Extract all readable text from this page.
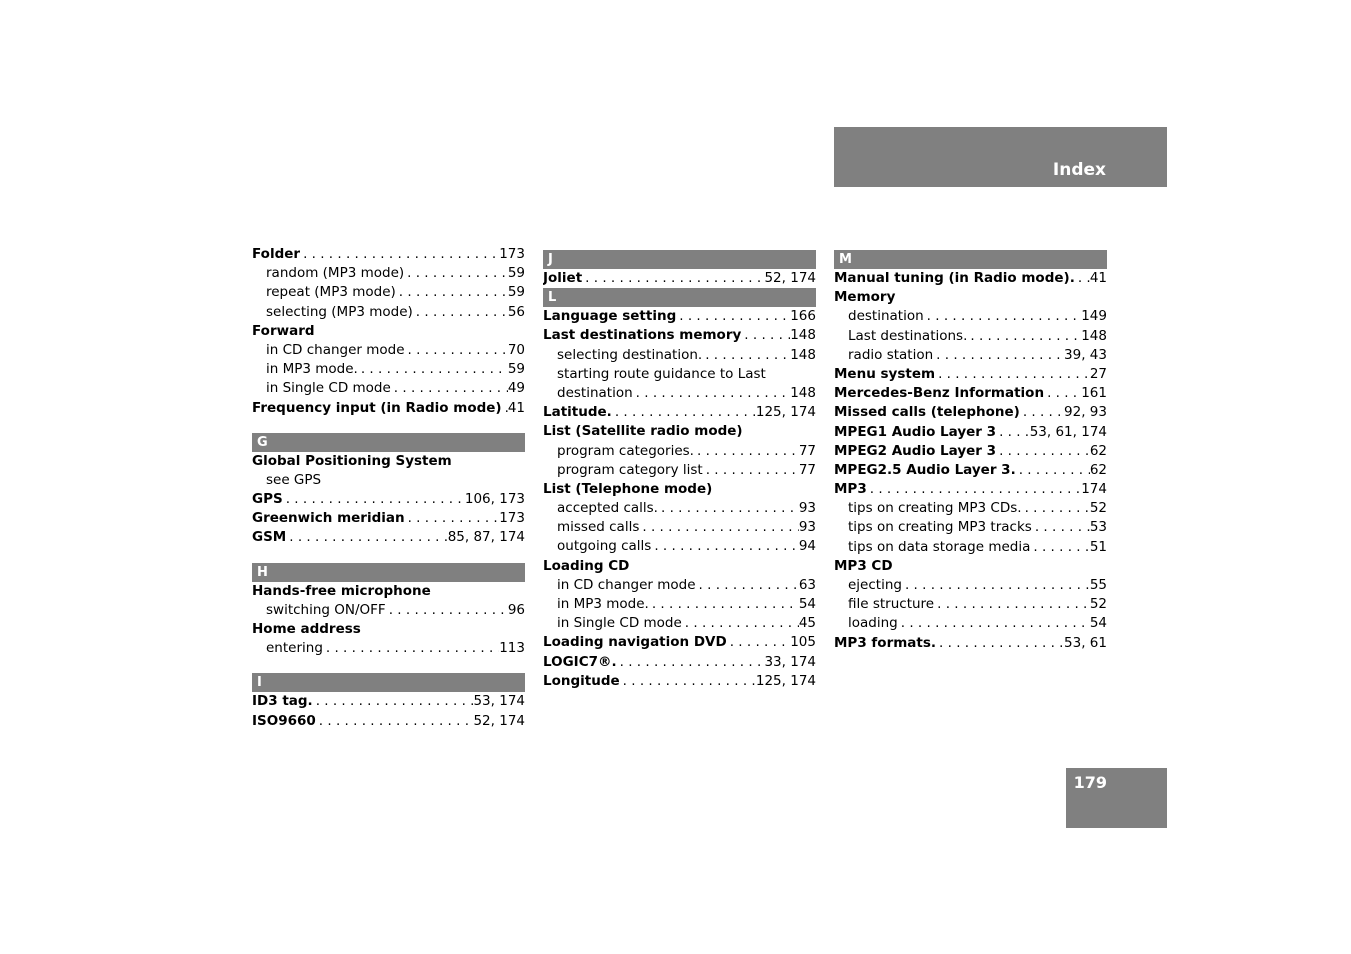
Index
Folder . . .	173
random (MP3 mode) . . .	59
repeat (MP3 mode) . . .	59
selecting (MP3 mode) . . .	56
Forward
in CD changer mode . . .	70
in MP3 mode. . . .	59
in Single CD mode . . .	49
Frequency input (in Radio mode) . . . 41
G
Global Positioning System
see GPS
GPS . . .	106, 173
Greenwich meridian . . .	173
GSM . . .	85, 87, 174
H
Hands-free microphone
switching ON/OFF . . .	96
Home address
entering . . .	113
I
ID3 tag. . . .	53, 174
ISO9660 . . .	52, 174
J
Joliet . . .	52, 174
L
Language setting . . .	166
Last destinations memory . . .	148
selecting destination. . . .	148
starting route guidance to Last
destination . . .	148
Latitude. . . .	125, 174
List (Satellite radio mode)
program categories. . . .	77
program category list . . .	77
List (Telephone mode)
accepted calls. . . .	93
missed calls . . .	93
outgoing calls . . .	94
Loading CD
in CD changer mode . . .	63
in MP3 mode. . . .	54
in Single CD mode . . .	45
Loading navigation DVD . . .	105
LOGIC7®. . . .	33, 174
Longitude . . .	125, 174
M
Manual tuning (in Radio mode). . . . 41
Memory
destination . . .	149
Last destinations. . . .	148
radio station . . .	39, 43
Menu system . . .	27
Mercedes-Benz Information . . .	161
Missed calls (telephone) . . .	92, 93
MPEG1 Audio Layer 3 . . . 53, 61, 174
MPEG2 Audio Layer 3 . . .	62
MPEG2.5 Audio Layer 3. . . .	62
MP3 . . .	174
tips on creating MP3 CDs. . . .	52
tips on creating MP3 tracks . . .	53
tips on data storage media . . .	51
MP3 CD
ejecting . . .	55
file structure . . .	52
loading . . .	54
MP3 formats. . . .	53, 61
179
